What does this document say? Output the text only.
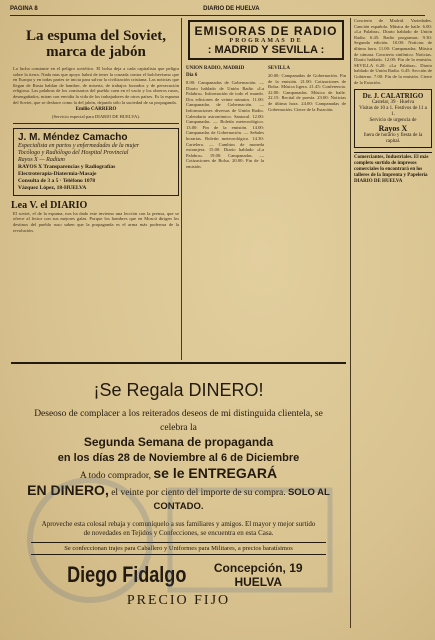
PAGINA 8	DIARIO DE HUELVA
La espuma del Soviet, marca de jabón
La lucha constante en el peligro soviético. El bolsa deja a cada capitalista que peligra sobre la tierra. Nada mas que apoyo habrá de tener la cruzada contra el bolchevismo que en Europa y en todas partes se inicia para salvar la civilización cristiana. Las noticias que llegan de Rusia hablan de hambre, de miseria, de trabajos forzados y de persecución religiosa. Las palabras de los comisarios del pueblo caen en el vacío y los obreros rusos, desengañados, miran con envidia la vida de los trabajadores de otros países. Es la espuma del Soviet, que se deshace como la del jabón, dejando sólo la suciedad de su propaganda.
Emilio CARRERO
(Servicio especial para DIARIO DE HUELVA).
J. M. Méndez Camacho
Especialista en partos y enfermedades de la mujer
Tocólogo y Radiólogo del Hospital Provincial
Rayos X — Radium
RAYOS X Transparencias y Radiografías
Electroterapia-Diatermia-Masaje
Consulta de 3 a 5 · Teléfono 1078
Vázquez López, 18-HUELVA
Lea V. el DIARIO
El soviet, el de la espuma, nos ha dado este invierno una lección con la prensa, que se ofrece al lector con sus mejores galas. Porque los hombres que en Moscú dirigen los destinos del pueblo ruso saben que la propaganda es el arma más poderosa de la revolución.
EMISORAS DE RADIO
PROGRAMAS DE
: MADRID Y SEVILLA :
UNION RADIO, MADRID
Día 6
8.00: Campanadas de Gobernación. — Diario hablado de Unión Radio «La Palabra». Información de todo el mundo. Dos ediciones de veinte minutos. 11.00: Campanadas de Gobernación. — Informaciones diversas de Unión Radio. Calendario astronómico. Santoral. 12.00: Campanadas. — Boletín meteorológico. 13.00: Fin de la emisión. 14.00: Campanadas de Gobernación. — Señales horarias. Boletín meteorológico. 14.30: Cartelera. — Cambios de moneda extranjera. 15.00: Diario hablado «La Palabra». 19.00: Campanadas. — Cotizaciones de Bolsa. 20.00: Fin de la emisión.
SEVILLA
20.00: Campanadas de Gobernación. Fin de la emisión. 21.00: Cotizaciones de Bolsa. Música ligera. 21.45: Conferencia. 22.00: Campanadas. Música de baile. 22.15: Recital de poesía. 23.00: Noticias de última hora. 24.00: Campanadas de Gobernación. Cierre de la Estación.
Concierto de Madrid. Variedades. Canción española. Música de baile. 6.00: «La Palabra». Diario hablado de Unión Radio. 6.45: Radio programas. 9.30: Segunda edición. 10.00: Noticias de última hora. 11.00: Campanadas. Música de cámara. Concierto sinfónico. Noticias. Diario hablado. 12.00: Fin de la emisión. SEVILLA 6.20: «La Palabra». Diario hablado de Unión Radio. 6.45: Sección de Gobierno. 7.00: Fin de la emisión. Cierre de la Estación.
Dr. J. CALATRIGO
Castelar, 39 · Huelva
Visitas de 10 a 1. Festivos de 11 a 1.
Servicio de urgencia de
Rayos X
fuera de horario y fiesta de la capital.
Comerciantes, Industriales. El más completo surtido de impresos comerciales lo encontrará en los talleres de la Imprenta y Papelería DIARIO DE HUELVA
¡Se Regala DINERO!
Deseoso de complacer a los reiterados deseos de mi distinguida clientela, se celebra la
Segunda Semana de propaganda
en los días 28 de Noviembre al 6 de Diciembre
A todo comprador, se le ENTREGARÁ
EN DINERO, el veinte por ciento del importe de su compra. SOLO AL CONTADO.
Aproveche esta colosal rebaja y comuníquelo a sus familiares y amigos. El mayor y mejor surtido de novedades en Tejidos y Confecciones, se encuentra en esta Casa.
Se confeccionan trajes para Caballero y Uniformes para Militares, a precios baratísimos
Diego Fidalgo Concepción, 19
HUELVA
PRECIO FIJO
